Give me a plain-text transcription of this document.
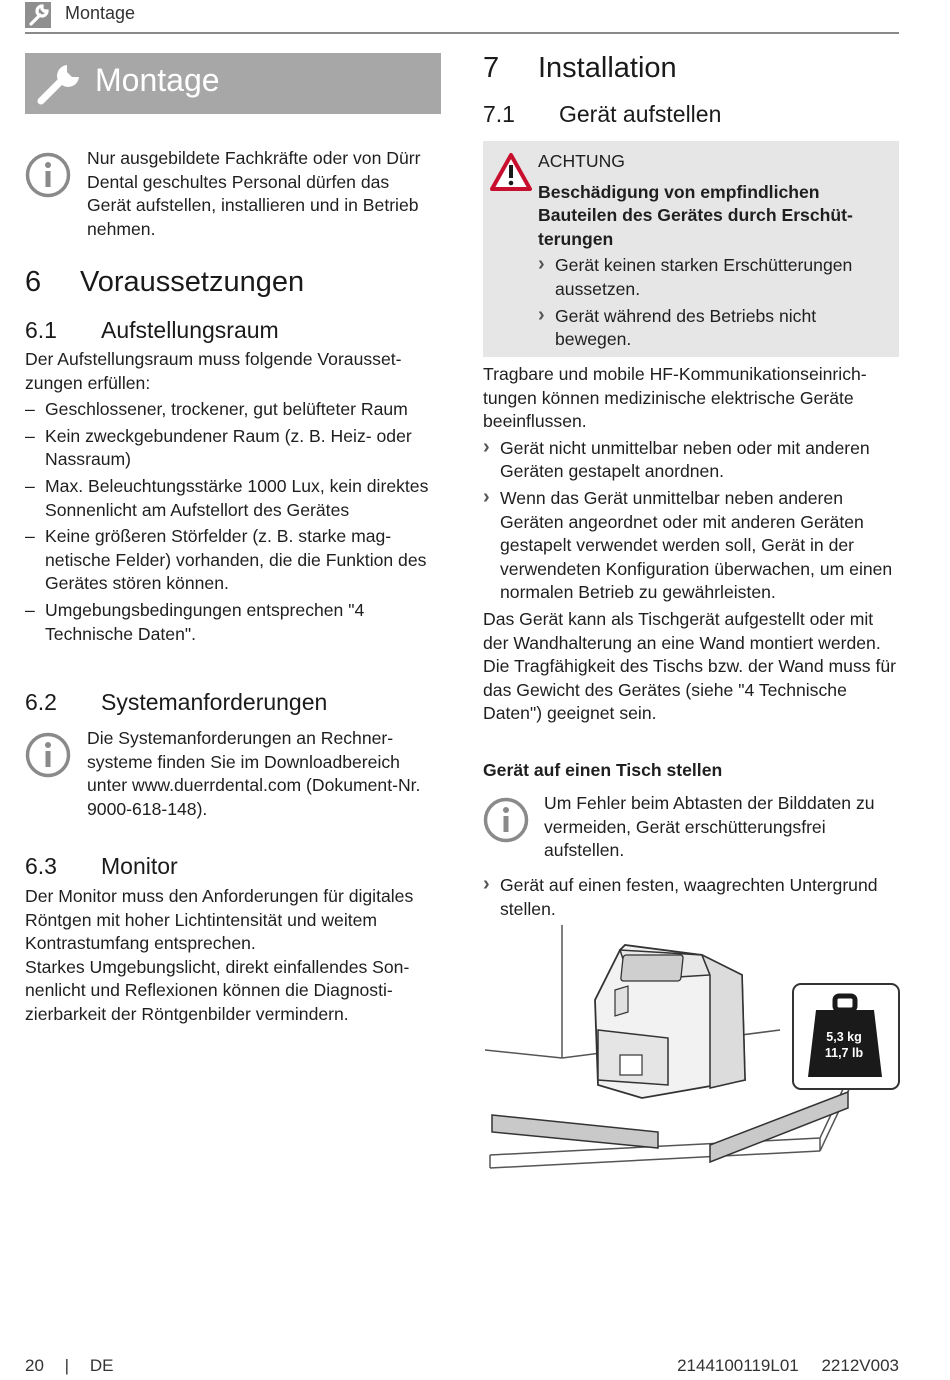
Montage
Montage

Nur ausgebildete Fachkräfte oder von Dürr Dental geschultes Personal dürfen das Gerät aufstellen, installieren und in Betrieb nehmen.

6 Voraussetzungen
6.1 Aufstellungsraum

Der Aufstellungsraum muss folgende Voraussetzungen erfüllen:

– Geschlossener, trockener, gut belüfteter Raum
– Kein zweckgebundener Raum (z. B. Heiz- oder Nassraum)
– Max. Beleuchtungsstärke 1000 Lux, kein direktes Sonnenlicht am Aufstellort des Gerätes
– Keine größeren Störfelder (z. B. starke magnetische Felder) vorhanden, die die Funktion des Gerätes stören können.
– Umgebungsbedingungen entsprechen "4 Technische Daten".
6.2 Systemanforderungen

Die Systemanforderungen an Rechnersysteme finden Sie im Downloadbereich unter www.duerrdental.com (Dokument-Nr. 9000-618-148).

6.3 Monitor

Der Monitor muss den Anforderungen für digitales Röntgen mit hoher Lichtintensität und weitem Kontrastumfang entsprechen.

Starkes Umgebungslicht, direkt einfallendes Sonnenlicht und Reflexionen können die Diagnostizierbarkeit der Röntgenbilder vermindern.

7 Installation
7.1 Gerät aufstellen

ACHTUNG

Beschädigung von empfindlichen Bauteilen des Gerätes durch Erschütterungen

› Gerät keinen starken Erschütterungen aussetzen.
› Gerät während des Betriebs nicht bewegen.

Tragbare und mobile HF-Kommunikationseinrichtungen können medizinische elektrische Geräte beeinflussen.

› Gerät nicht unmittelbar neben oder mit anderen Geräten gestapelt anordnen.
› Wenn das Gerät unmittelbar neben anderen Geräten angeordnet oder mit anderen Geräten gestapelt verwendet werden soll, Gerät in der verwendeten Konfiguration überwachen, um einen normalen Betrieb zu gewährleisten.

Das Gerät kann als Tischgerät aufgestellt oder mit der Wandhalterung an eine Wand montiert werden.

Die Tragfähigkeit des Tischs bzw. der Wand muss für das Gewicht des Gerätes (siehe "4 Technische Daten") geeignet sein.

Gerät auf einen Tisch stellen

Um Fehler beim Abtasten der Bilddaten zu vermeiden, Gerät erschütterungsfrei aufstellen.

› Gerät auf einen festen, waagrechten Untergrund stellen.
5,3 kg
11,7 lb
20 | DE	2144100119L01 2212V003
